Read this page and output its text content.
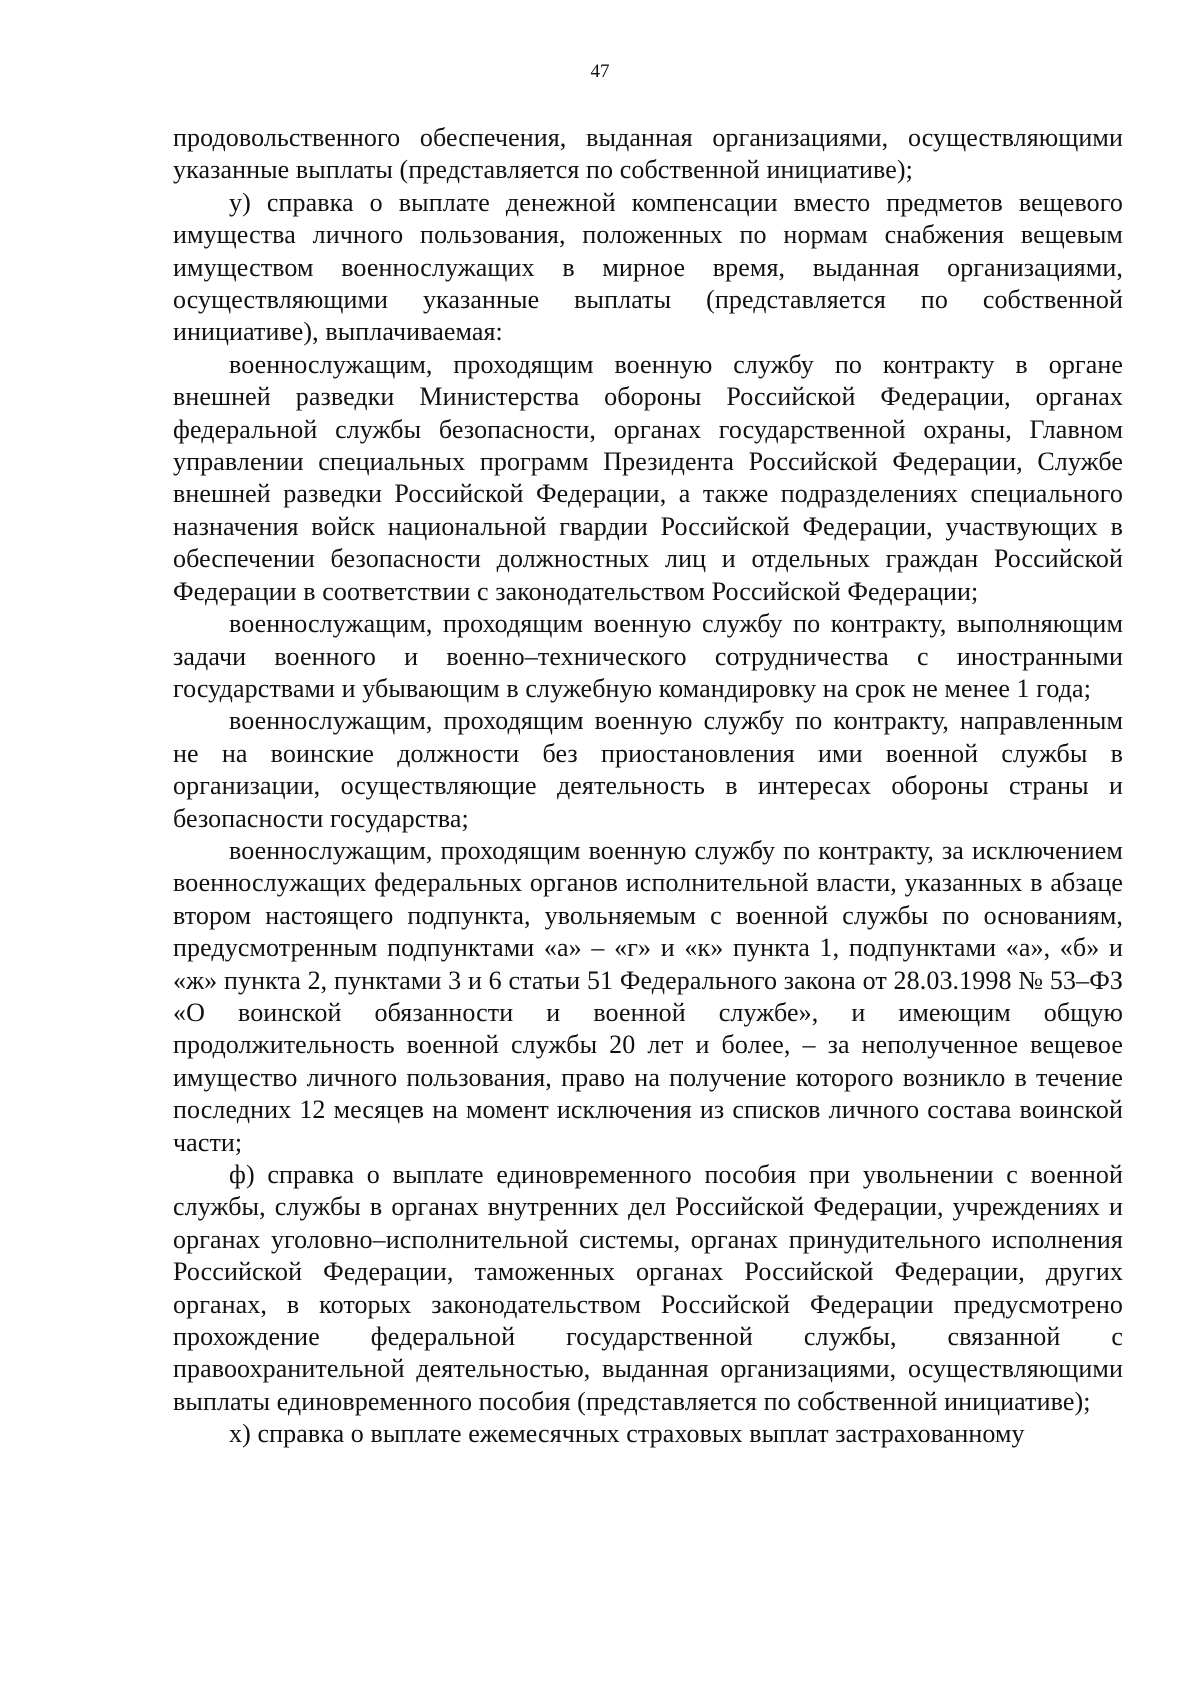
47

продовольственного обеспечения, выданная организациями, осуществляющими указанные выплаты (представляется по собственной инициативе);

у) справка о выплате денежной компенсации вместо предметов вещевого имущества личного пользования, положенных по нормам снабжения вещевым имуществом военнослужащих в мирное время, выданная организациями, осуществляющими указанные выплаты (представляется по собственной инициативе), выплачиваемая:

военнослужащим, проходящим военную службу по контракту в органе внешней разведки Министерства обороны Российской Федерации, органах федеральной службы безопасности, органах государственной охраны, Главном управлении специальных программ Президента Российской Федерации, Службе внешней разведки Российской Федерации, а также подразделениях специального назначения войск национальной гвардии Российской Федерации, участвующих в обеспечении безопасности должностных лиц и отдельных граждан Российской Федерации в соответствии с законодательством Российской Федерации;

военнослужащим, проходящим военную службу по контракту, выполняющим задачи военного и военно–технического сотрудничества с иностранными государствами и убывающим в служебную командировку на срок не менее 1 года;

военнослужащим, проходящим военную службу по контракту, направленным не на воинские должности без приостановления ими военной службы в организации, осуществляющие деятельность в интересах обороны страны и безопасности государства;

военнослужащим, проходящим военную службу по контракту, за исключением военнослужащих федеральных органов исполнительной власти, указанных в абзаце втором настоящего подпункта, увольняемым с военной службы по основаниям, предусмотренным подпунктами «а» – «г» и «к» пункта 1, подпунктами «а», «б» и «ж» пункта 2, пунктами 3 и 6 статьи 51 Федерального закона от 28.03.1998 № 53–ФЗ «О воинской обязанности и военной службе», и имеющим общую продолжительность военной службы 20 лет и более, – за неполученное вещевое имущество личного пользования, право на получение которого возникло в течение последних 12 месяцев на момент исключения из списков личного состава воинской части;

ф) справка о выплате единовременного пособия при увольнении с военной службы, службы в органах внутренних дел Российской Федерации, учреждениях и органах уголовно–исполнительной системы, органах принудительного исполнения Российской Федерации, таможенных органах Российской Федерации, других органах, в которых законодательством Российской Федерации предусмотрено прохождение федеральной государственной службы, связанной с правоохранительной деятельностью, выданная организациями, осуществляющими выплаты единовременного пособия (представляется по собственной инициативе);

х) справка о выплате ежемесячных страховых выплат застрахованному
